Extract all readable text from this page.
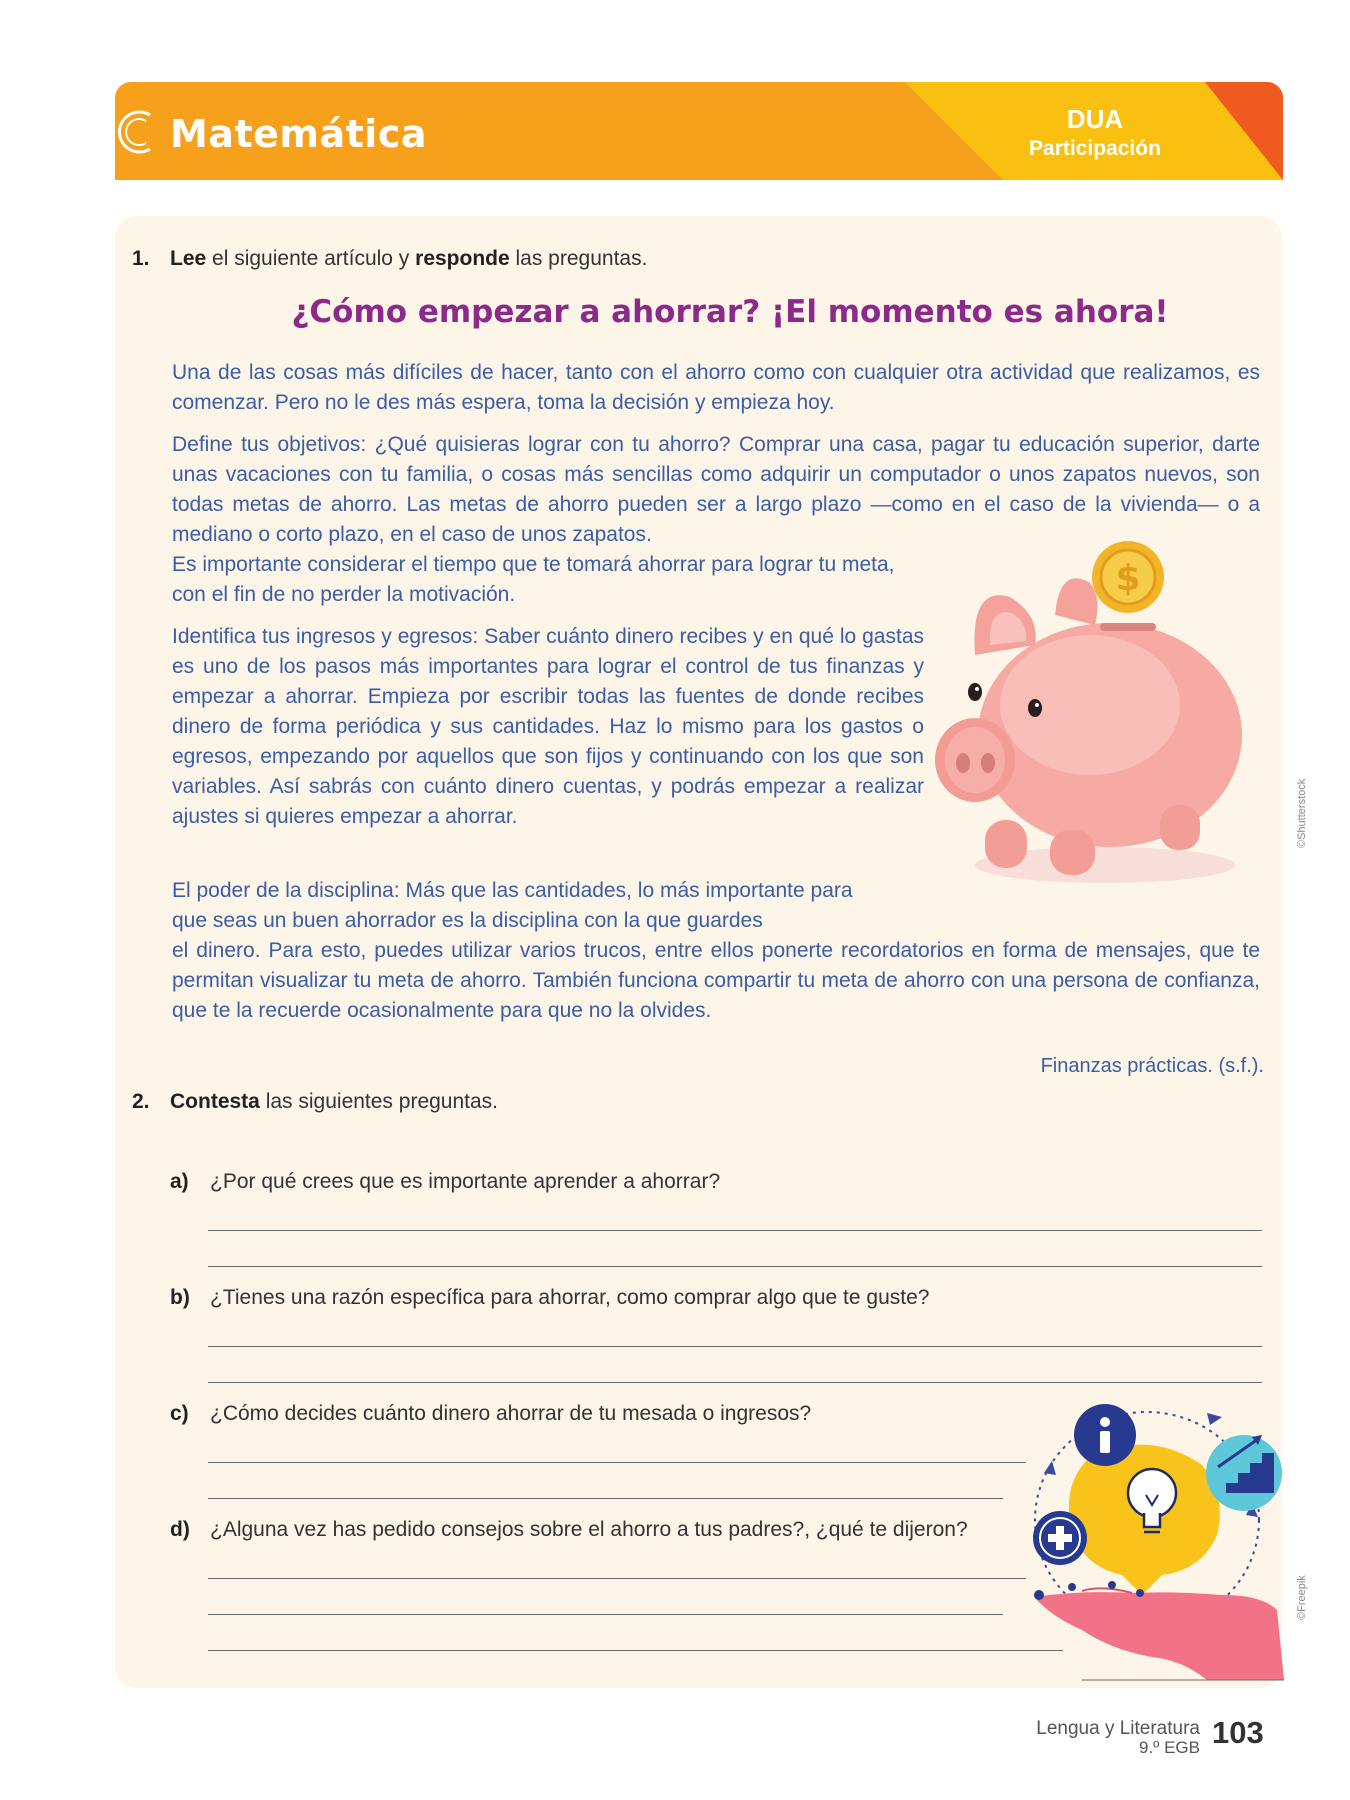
Matemática	DUA
Participación
1. Lee el siguiente artículo y responde las preguntas.
¿Cómo empezar a ahorrar? ¡El momento es ahora!

Una de las cosas más difíciles de hacer, tanto con el ahorro como con cualquier otra actividad que realizamos, es comenzar. Pero no le des más espera, toma la decisión y empieza hoy.

Define tus objetivos: ¿Qué quisieras lograr con tu ahorro? Comprar una casa, pagar tu educación superior, darte unas vacaciones con tu familia, o cosas más sencillas como adquirir un computador o unos zapatos nuevos, son todas metas de ahorro. Las metas de ahorro pueden ser a largo plazo —como en el caso de la vivienda— o a mediano o corto plazo, en el caso de unos zapatos.

Es importante considerar el tiempo que te tomará ahorrar para lograr tu meta, con el fin de no perder la motivación.

Identifica tus ingresos y egresos: Saber cuánto dinero recibes y en qué lo gastas es uno de los pasos más importantes para lograr el control de tus finanzas y empezar a ahorrar. Empieza por escribir todas las fuentes de donde recibes dinero de forma periódica y sus cantidades. Haz lo mismo para los gastos o egresos, empezando por aquellos que son fijos y continuando con los que son variables. Así sabrás con cuánto dinero cuentas, y podrás empezar a realizar ajustes si quieres empezar a ahorrar.

El poder de la disciplina: Más que las cantidades, lo más importante para que seas un buen ahorrador es la disciplina con la que guardes

el dinero. Para esto, puedes utilizar varios trucos, entre ellos ponerte recordatorios en forma de mensajes, que te permitan visualizar tu meta de ahorro. También funciona compartir tu meta de ahorro con una persona de confianza, que te la recuerde ocasionalmente para que no la olvides.

$
©Shutterstock
Finanzas prácticas. (s.f.).
2. Contesta las siguientes preguntas.
a) ¿Por qué crees que es importante aprender a ahorrar?
b) ¿Tienes una razón específica para ahorrar, como comprar algo que te guste?
c) ¿Cómo decides cuánto dinero ahorrar de tu mesada o ingresos?
d) ¿Alguna vez has pedido consejos sobre el ahorro a tus padres?, ¿qué te dijeron?
©Freepik
Lengua y Literatura
9.º EGB 103
